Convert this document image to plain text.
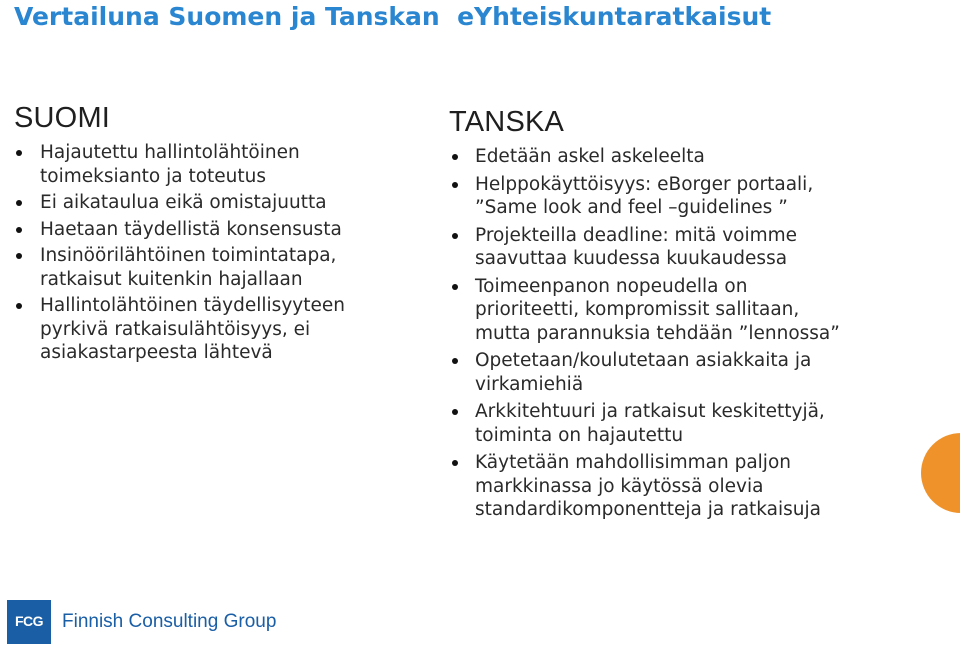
Vertailuna Suomen ja Tanskan  eYhteiskuntaratkaisut
SUOMI
Hajautettu hallintolähtöinen
toimeksianto ja toteutus
Ei aikataulua eikä omistajuutta
Haetaan täydellistä konsensusta
Insinöörilähtöinen toimintatapa,
ratkaisut kuitenkin hajallaan
Hallintolähtöinen täydellisyyteen
pyrkivä ratkaisulähtöisyys, ei
asiakastarpeesta lähtevä
TANSKA
Edetään askel askeleelta
Helppokäyttöisyys: eBorger portaali,
”Same look and feel –guidelines ”
Projekteilla deadline: mitä voimme
saavuttaa kuudessa kuukaudessa
Toimeenpanon nopeudella on
prioriteetti, kompromissit sallitaan,
mutta parannuksia tehdään ”lennossa”
Opetetaan/koulutetaan asiakkaita ja
virkamiehiä
Arkkitehtuuri ja ratkaisut keskitettyjä,
toiminta on hajautettu
Käytetään mahdollisimman paljon
markkinassa jo käytössä olevia
standardikomponentteja ja ratkaisuja
FCG Finnish Consulting Group
